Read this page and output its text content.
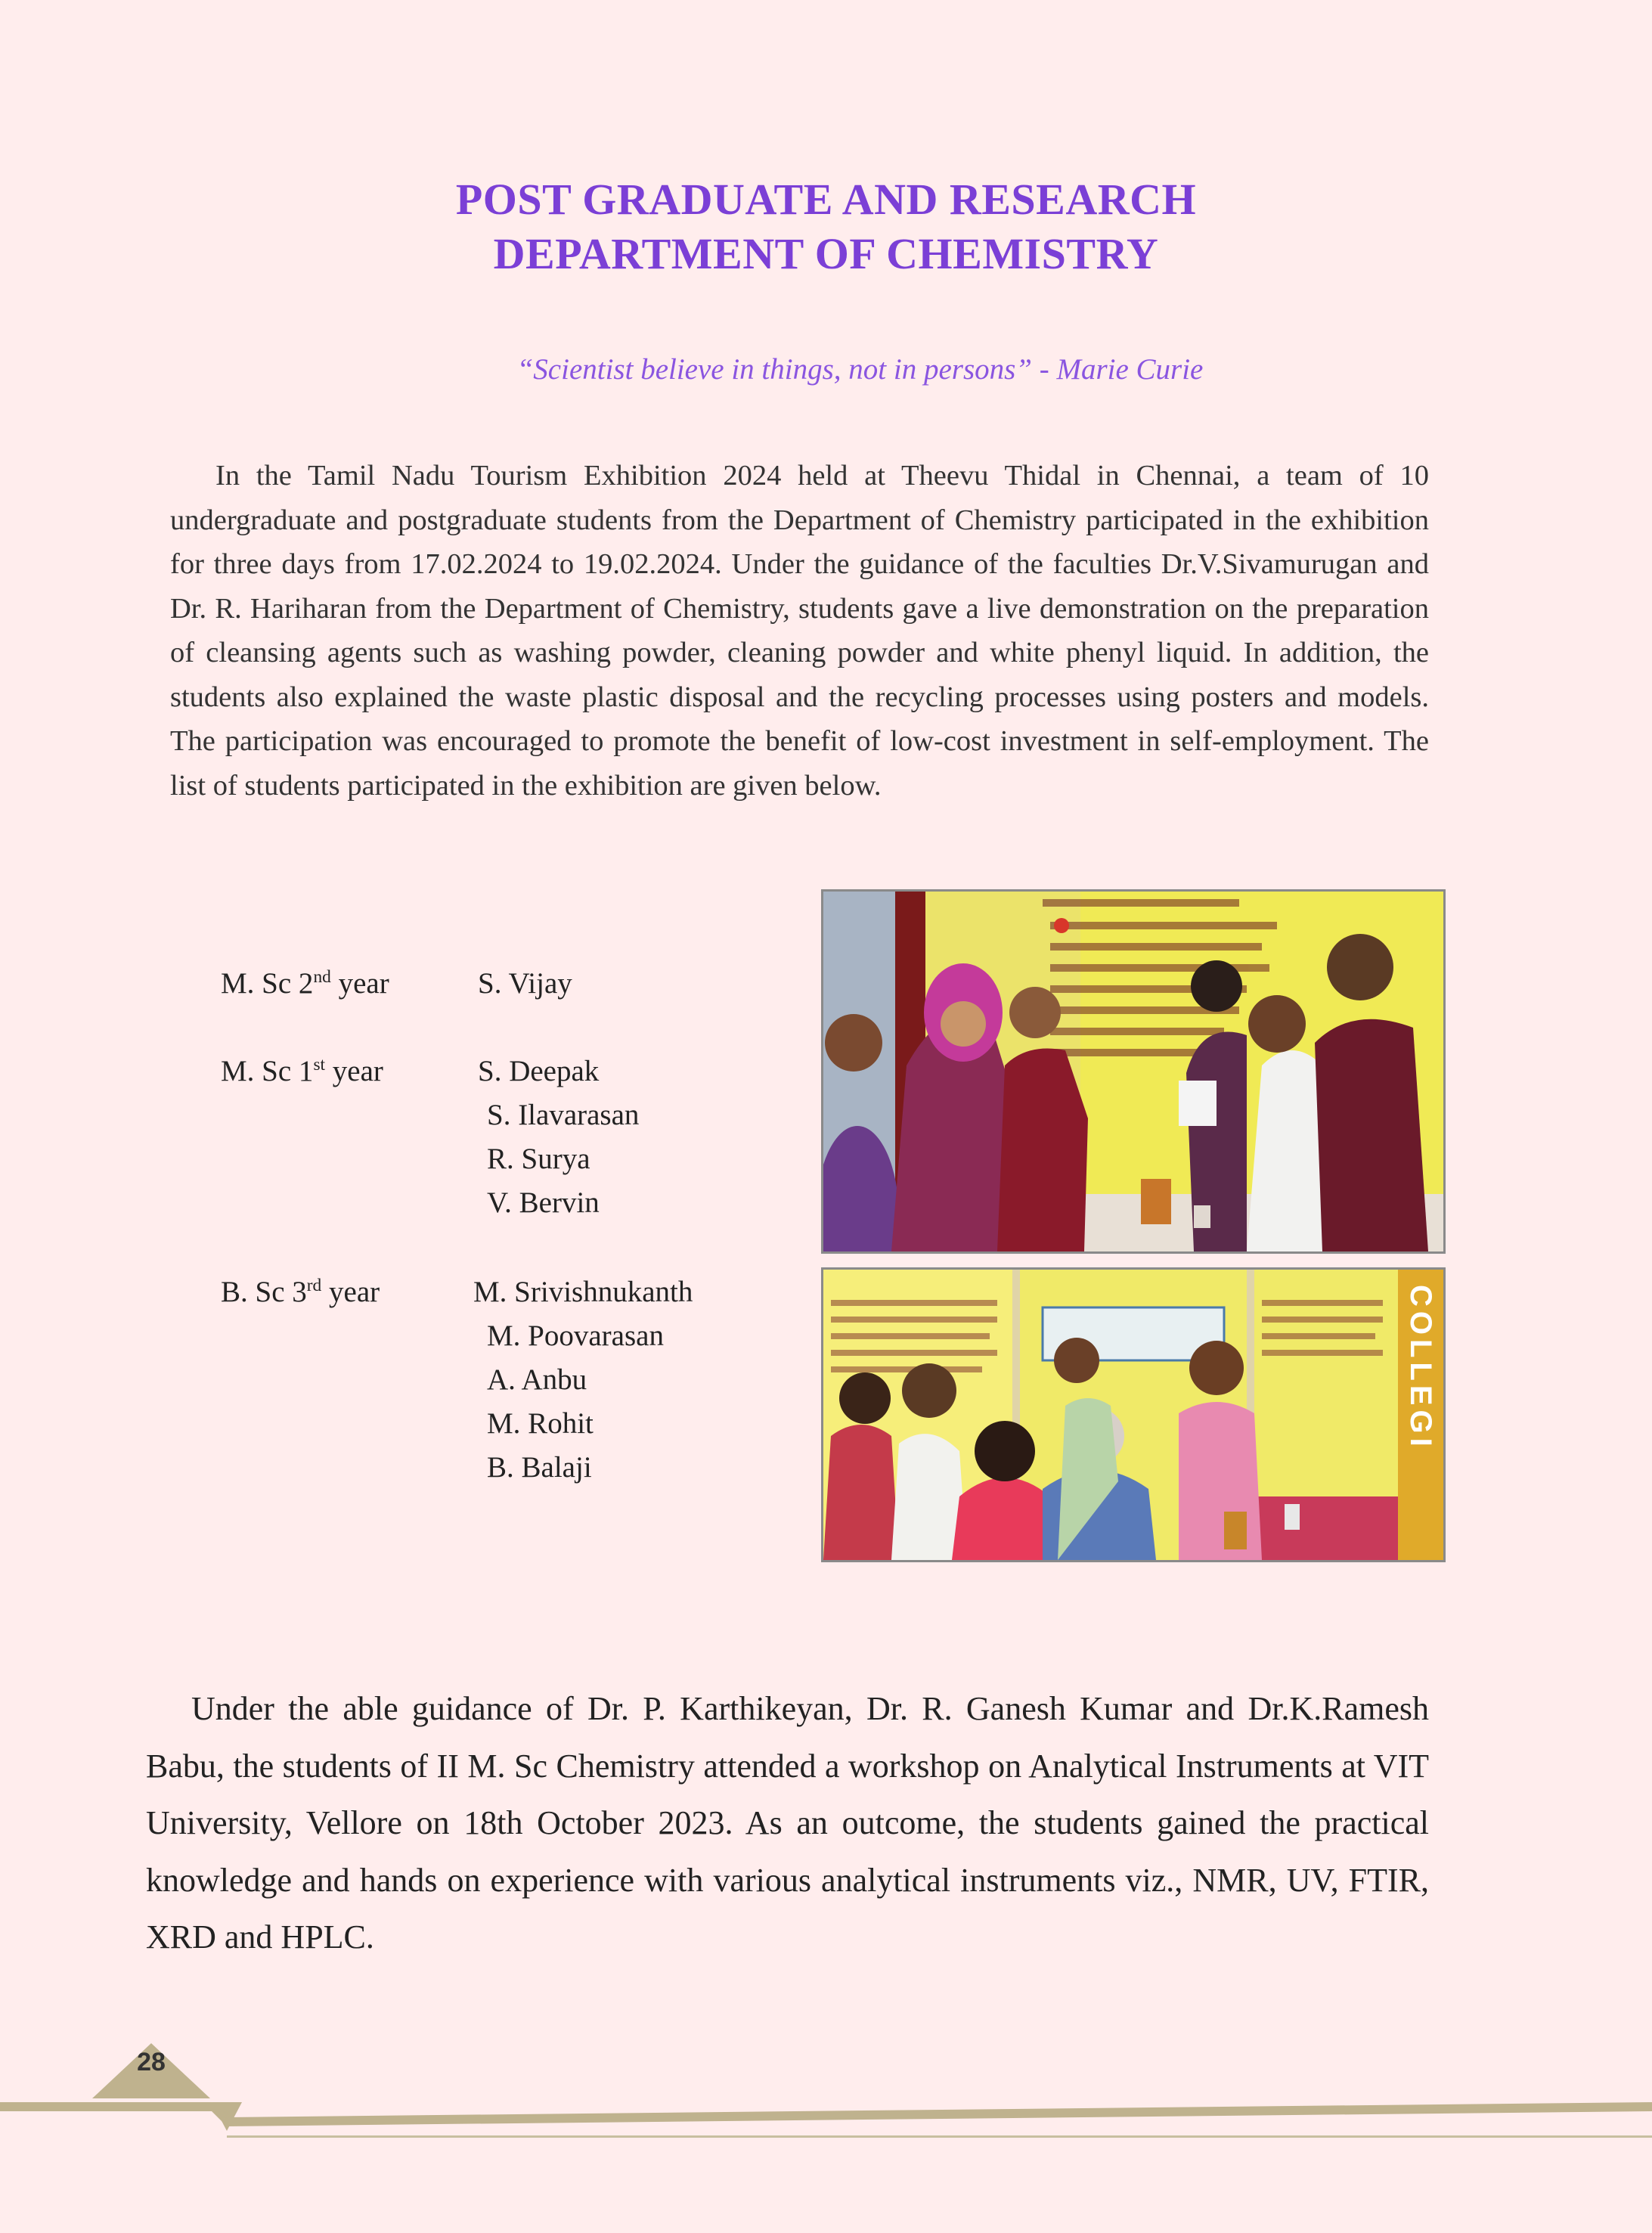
POST GRADUATE AND RESEARCH
DEPARTMENT OF CHEMISTRY
“Scientist believe in things, not in persons” - Marie Curie

In the Tamil Nadu Tourism Exhibition 2024 held at Theevu Thidal in Chennai, a team of 10 undergraduate and postgraduate students from the Department of Chemistry participated in the exhibition for three days from 17.02.2024 to 19.02.2024. Under the guidance of the faculties Dr.V.Sivamurugan and Dr. R. Hariharan from the Department of Chemistry, students gave a live demonstration on the preparation of cleansing agents such as washing powder, cleaning powder and white phenyl liquid. In addition, the students also explained the waste plastic disposal and the recycling processes using posters and models. The participation was encouraged to promote the benefit of low-cost investment in self-employment. The list of students participated in the exhibition are given below.

M. Sc 2nd year	S. Vijay
M. Sc 1st year	S. Deepak
S. Ilavarasan
R. Surya
V. Bervin
B. Sc 3rd year	M. Srivishnukanth
M. Poovarasan
A. Anbu
M. Rohit
B. Balaji
COLLEGI

Under the able guidance of Dr. P. Karthikeyan, Dr. R. Ganesh Kumar and Dr.K.Ramesh Babu, the students of II M. Sc Chemistry attended a workshop on Analytical Instruments at VIT University, Vellore on 18th October 2023. As an outcome, the students gained the practical knowledge and hands on experience with various analytical instruments viz., NMR, UV, FTIR, XRD and HPLC.

28
